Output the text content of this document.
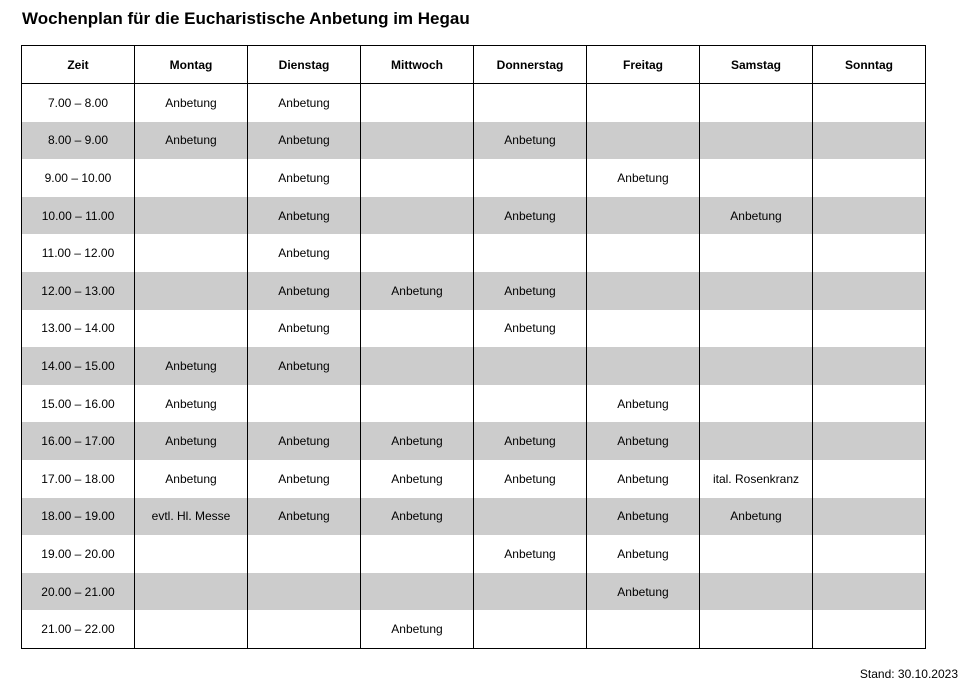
Wochenplan für die Eucharistische Anbetung im Hegau
Zeit	Montag	Dienstag	Mittwoch	Donnerstag	Freitag	Samstag	Sonntag
7.00 – 8.00	Anbetung	Anbetung					
8.00 – 9.00	Anbetung	Anbetung		Anbetung			
9.00 – 10.00		Anbetung			Anbetung		
10.00 – 11.00		Anbetung		Anbetung		Anbetung	
11.00 – 12.00		Anbetung					
12.00 – 13.00		Anbetung	Anbetung	Anbetung			
13.00 – 14.00		Anbetung		Anbetung			
14.00 – 15.00	Anbetung	Anbetung					
15.00 – 16.00	Anbetung				Anbetung		
16.00 – 17.00	Anbetung	Anbetung	Anbetung	Anbetung	Anbetung		
17.00 – 18.00	Anbetung	Anbetung	Anbetung	Anbetung	Anbetung	ital. Rosenkranz	
18.00 – 19.00	evtl. Hl. Messe	Anbetung	Anbetung		Anbetung	Anbetung	
19.00 – 20.00				Anbetung	Anbetung		
20.00 – 21.00					Anbetung		
21.00 – 22.00			Anbetung				
Stand: 30.10.2023
